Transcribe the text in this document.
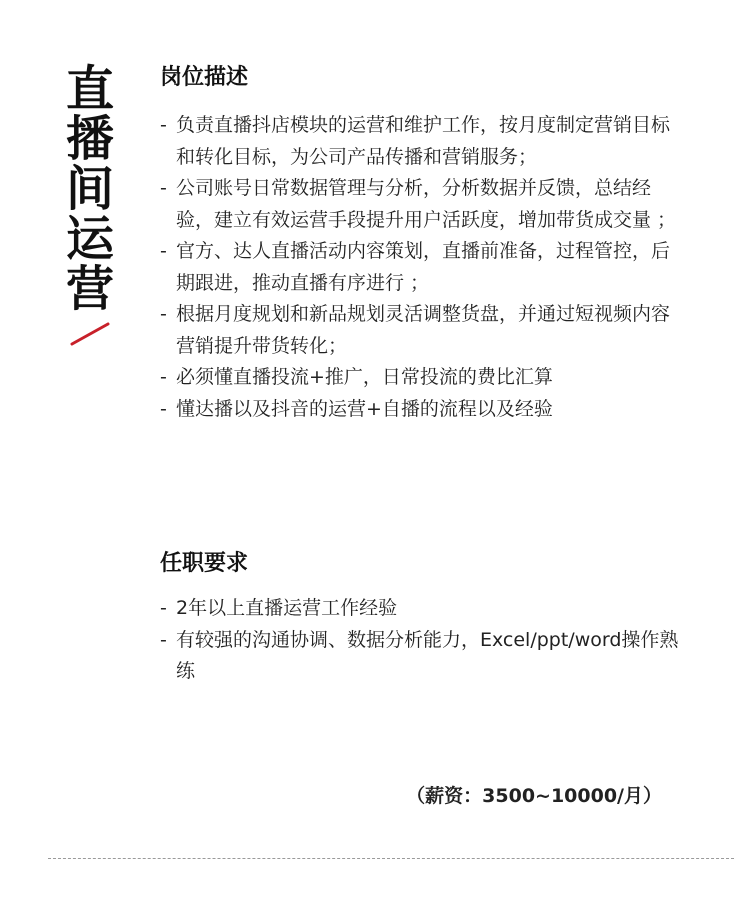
直
播
间
运
营
岗位描述
- 负责直播抖店模块的运营和维护工作，按月度制定营销目标和转化目标，为公司产品传播和营销服务；
- 公司账号日常数据管理与分析，分析数据并反馈，总结经验，建立有效运营手段提升用户活跃度，增加带货成交量 ；
- 官方、达人直播活动内容策划，直播前准备，过程管控，后期跟进，推动直播有序进行 ；
- 根据月度规划和新品规划灵活调整货盘，并通过短视频内容营销提升带货转化；
- 必须懂直播投流+推广，日常投流的费比汇算
- 懂达播以及抖音的运营+自播的流程以及经验
任职要求
- 2年以上直播运营工作经验
- 有较强的沟通协调、数据分析能力，Excel/ppt/word操作熟练
（薪资：3500~10000/月）
